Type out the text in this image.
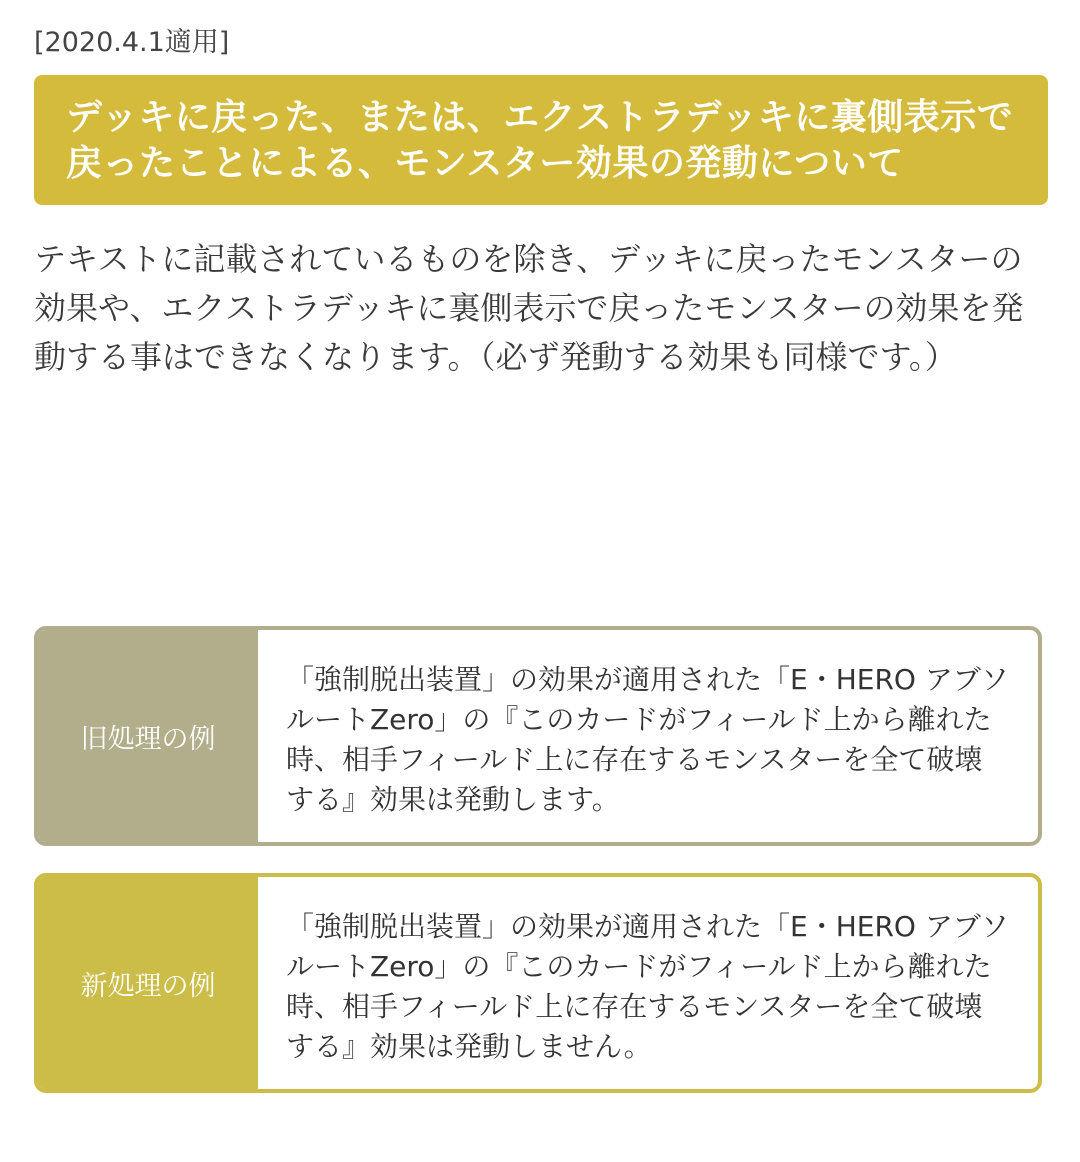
[2020.4.1適用]
デッキに戻った、または、エクストラデッキに裏側表示で戻ったことによる、モンスター効果の発動について
テキストに記載されているものを除き、デッキに戻ったモンスターの効果や、エクストラデッキに裏側表示で戻ったモンスターの効果を発動する事はできなくなります。（必ず発動する効果も同様です。）
旧処理の例
「強制脱出装置」の効果が適用された「E・HERO アブソルートZero」の『このカードがフィールド上から離れた時、相手フィールド上に存在するモンスターを全て破壊する』効果は発動します。
新処理の例
「強制脱出装置」の効果が適用された「E・HERO アブソルートZero」の『このカードがフィールド上から離れた時、相手フィールド上に存在するモンスターを全て破壊する』効果は発動しません。
